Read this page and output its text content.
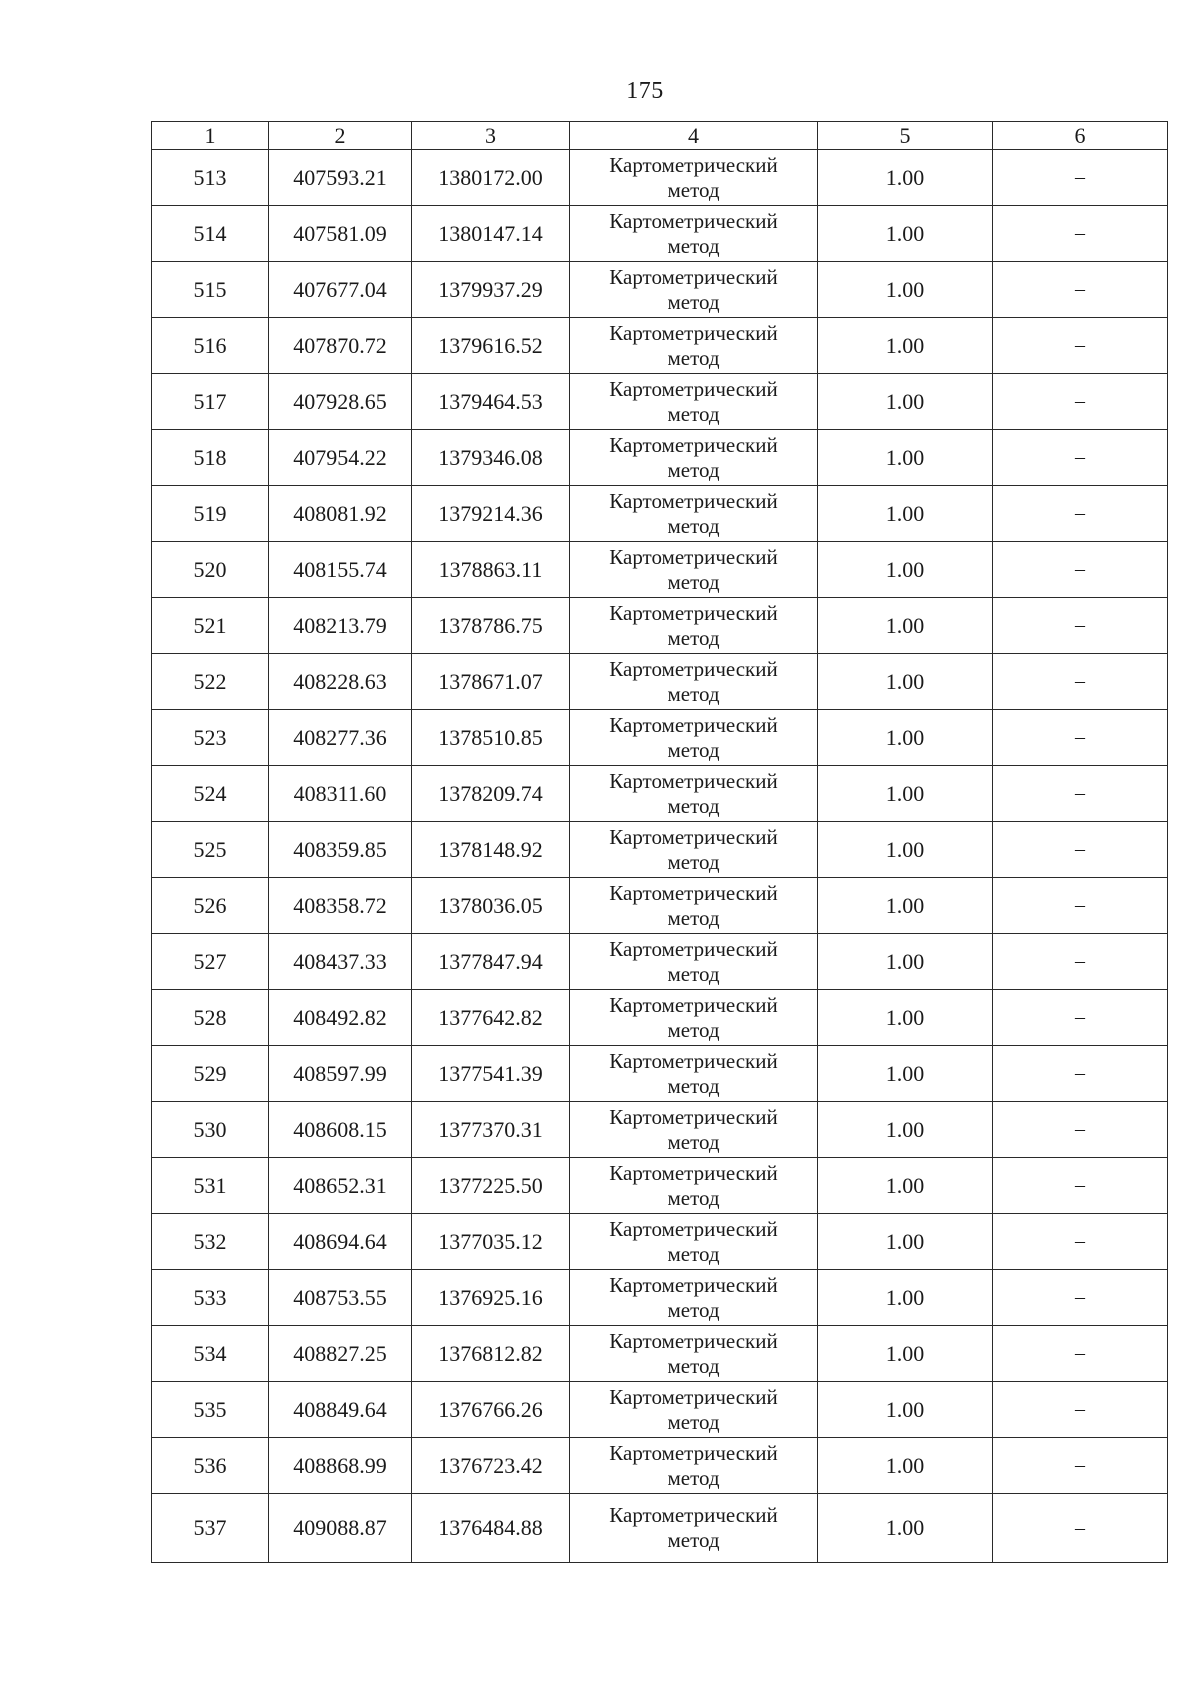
175
1	2	3	4	5	6
513	407593.21	1380172.00	Картометрический
метод	1.00	–
514	407581.09	1380147.14	Картометрический
метод	1.00	–
515	407677.04	1379937.29	Картометрический
метод	1.00	–
516	407870.72	1379616.52	Картометрический
метод	1.00	–
517	407928.65	1379464.53	Картометрический
метод	1.00	–
518	407954.22	1379346.08	Картометрический
метод	1.00	–
519	408081.92	1379214.36	Картометрический
метод	1.00	–
520	408155.74	1378863.11	Картометрический
метод	1.00	–
521	408213.79	1378786.75	Картометрический
метод	1.00	–
522	408228.63	1378671.07	Картометрический
метод	1.00	–
523	408277.36	1378510.85	Картометрический
метод	1.00	–
524	408311.60	1378209.74	Картометрический
метод	1.00	–
525	408359.85	1378148.92	Картометрический
метод	1.00	–
526	408358.72	1378036.05	Картометрический
метод	1.00	–
527	408437.33	1377847.94	Картометрический
метод	1.00	–
528	408492.82	1377642.82	Картометрический
метод	1.00	–
529	408597.99	1377541.39	Картометрический
метод	1.00	–
530	408608.15	1377370.31	Картометрический
метод	1.00	–
531	408652.31	1377225.50	Картометрический
метод	1.00	–
532	408694.64	1377035.12	Картометрический
метод	1.00	–
533	408753.55	1376925.16	Картометрический
метод	1.00	–
534	408827.25	1376812.82	Картометрический
метод	1.00	–
535	408849.64	1376766.26	Картометрический
метод	1.00	–
536	408868.99	1376723.42	Картометрический
метод	1.00	–
537	409088.87	1376484.88	Картометрический
метод	1.00	–
